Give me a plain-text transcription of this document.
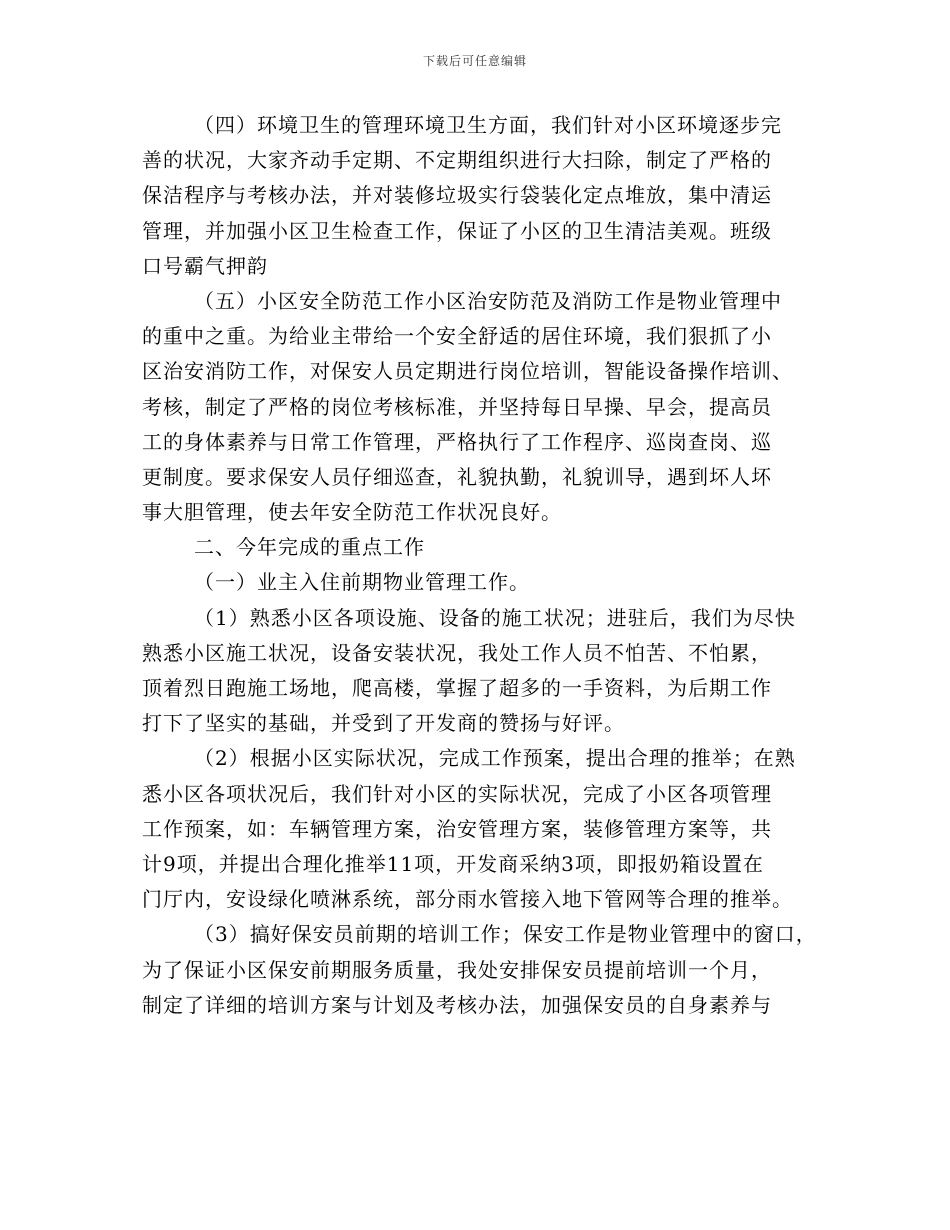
下载后可任意编辑
（四）环境卫生的管理环境卫生方面，我们针对小区环境逐步完
善的状况，大家齐动手定期、不定期组织进行大扫除，制定了严格的
保洁程序与考核办法，并对装修垃圾实行袋装化定点堆放，集中清运
管理，并加强小区卫生检查工作，保证了小区的卫生清洁美观。班级
口号霸气押韵
（五）小区安全防范工作小区治安防范及消防工作是物业管理中
的重中之重。为给业主带给一个安全舒适的居住环境，我们狠抓了小
区治安消防工作，对保安人员定期进行岗位培训，智能设备操作培训、
考核，制定了严格的岗位考核标准，并坚持每日早操、早会，提高员
工的身体素养与日常工作管理，严格执行了工作程序、巡岗查岗、巡
更制度。要求保安人员仔细巡查，礼貌执勤，礼貌训导，遇到坏人坏
事大胆管理，使去年安全防范工作状况良好。
二、今年完成的重点工作
（一）业主入住前期物业管理工作。
（1）熟悉小区各项设施、设备的施工状况；进驻后，我们为尽快
熟悉小区施工状况，设备安装状况，我处工作人员不怕苦、不怕累，
顶着烈日跑施工场地，爬高楼，掌握了超多的一手资料，为后期工作
打下了坚实的基础，并受到了开发商的赞扬与好评。
（2）根据小区实际状况，完成工作预案，提出合理的推举；在熟
悉小区各项状况后，我们针对小区的实际状况，完成了小区各项管理
工作预案，如：车辆管理方案，治安管理方案，装修管理方案等，共
计9项，并提出合理化推举11项，开发商采纳3项，即报奶箱设置在
门厅内，安设绿化喷淋系统，部分雨水管接入地下管网等合理的推举。
（3）搞好保安员前期的培训工作；保安工作是物业管理中的窗口，
为了保证小区保安前期服务质量，我处安排保安员提前培训一个月，
制定了详细的培训方案与计划及考核办法，加强保安员的自身素养与
